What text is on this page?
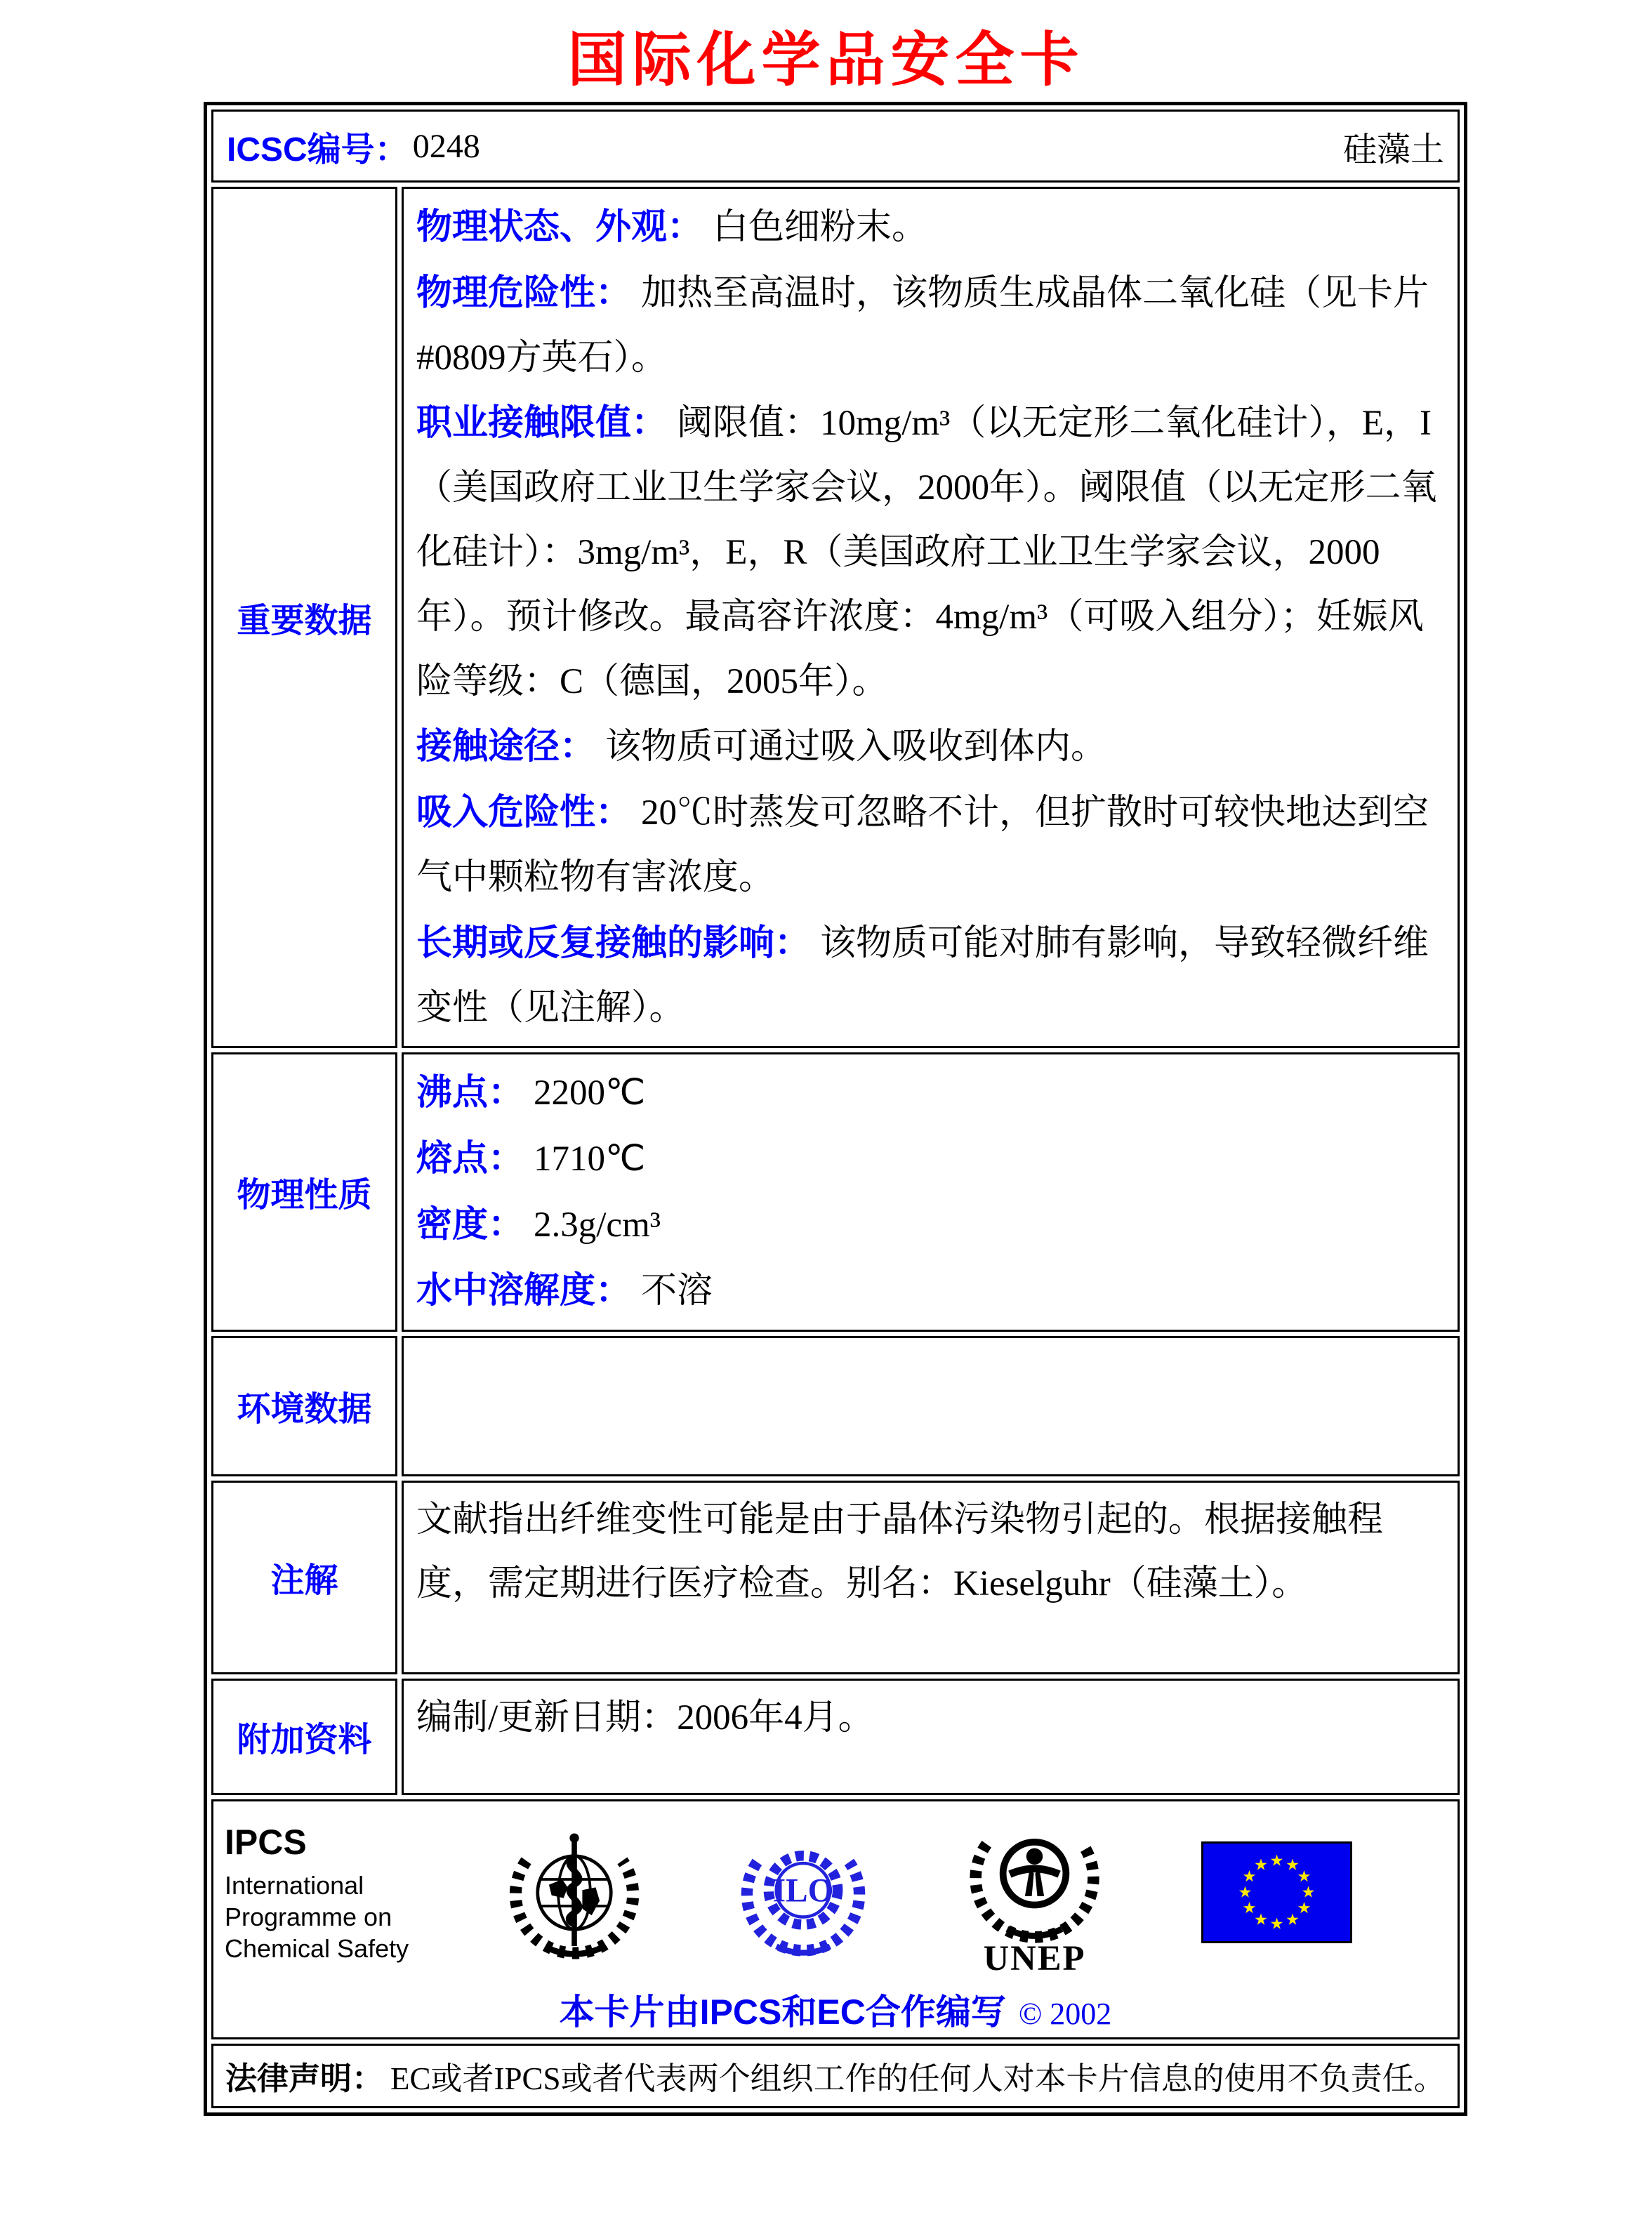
国际化学品安全卡
ICSC编号： 0248 硅藻土	

重要数据	

物理状态、外观： 白色细粉末。

物理危险性： 加热至高温时，该物质生成晶体二氧化硅（见卡片#0809方英石）。

职业接触限值： 阈限值：10mg/m³（以无定形二氧化硅计），E，I（美国政府工业卫生学家会议，2000年）。阈限值（以无定形二氧化硅计）：3mg/m³，E，R（美国政府工业卫生学家会议，2000年）。预计修改。最高容许浓度：4mg/m³（可吸入组分）；妊娠风险等级：C（德国，2005年）。

接触途径： 该物质可通过吸入吸收到体内。

吸入危险性： 20℃时蒸发可忽略不计，但扩散时可较快地达到空气中颗粒物有害浓度。

长期或反复接触的影响： 该物质可能对肺有影响，导致轻微纤维变性（见注解）。

物理性质	沸点： 2200℃

熔点： 1710℃

密度： 2.3g/cm³

水中溶解度： 不溶

环境数据	

注解	文献指出纤维变性可能是由于晶体污染物引起的。根据接触程度，需定期进行医疗检查。别名：Kieselguhr（硅藻土）。

附加资料	编制/更新日期：2006年4月。

IPCS
International
Programme on
Chemical Safety
ILO
UNEP
本卡片由IPCS和EC合作编写 © 2002

法律声明： EC或者IPCS或者代表两个组织工作的任何人对本卡片信息的使用不负责任。	
